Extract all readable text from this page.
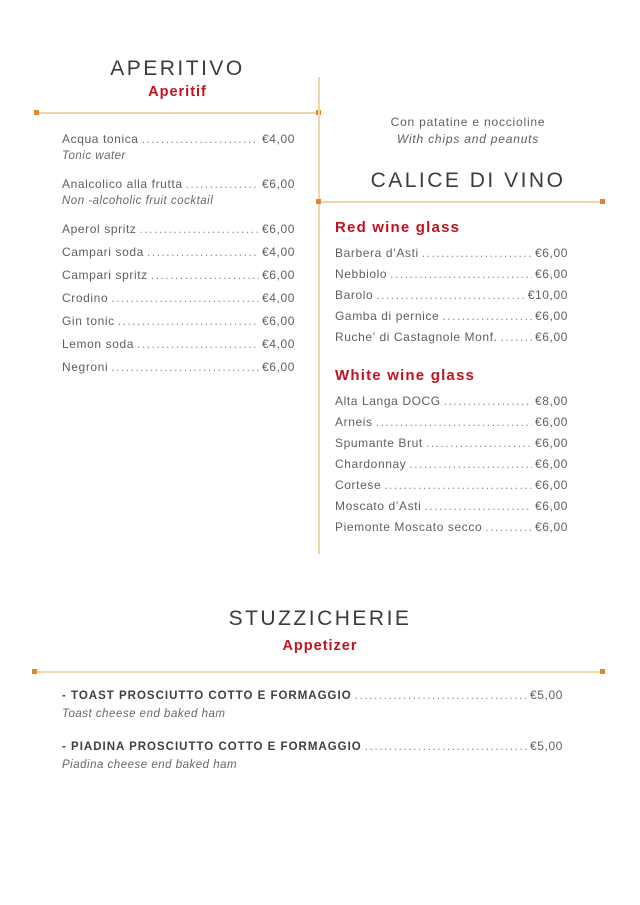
APERITIVO
Aperitif
Acqua tonica .....	€4,00
Tonic water
Analcolico alla frutta .....	€6,00
Non -alcoholic fruit cocktail
Aperol spritz .....	€6,00
Campari soda .....	€4,00
Campari spritz .....	€6,00
Crodino .....	€4,00
Gin tonic .....	€6,00
Lemon soda .....	€4,00
Negroni .....	€6,00
Con patatine e noccioline
With chips and peanuts
CALICE DI VINO
Red wine glass
Barbera d’Asti .....	€6,00
Nebbiolo .....	€6,00
Barolo .....	€10,00
Gamba di pernice .....	€6,00
Ruche’ di Castagnole Monf. .....	€6,00
White wine glass
Alta Langa DOCG .....	€8,00
Arneis .....	€6,00
Spumante Brut .....	€6,00
Chardonnay .....	€6,00
Cortese .....	€6,00
Moscato d’Asti .....	€6,00
Piemonte Moscato secco .....	€6,00
STUZZICHERIE
Appetizer
- TOAST PROSCIUTTO COTTO E FORMAGGIO .....	€5,00
Toast cheese end baked ham
- PIADINA PROSCIUTTO COTTO E FORMAGGIO .....	€5,00
Piadina cheese end baked ham
